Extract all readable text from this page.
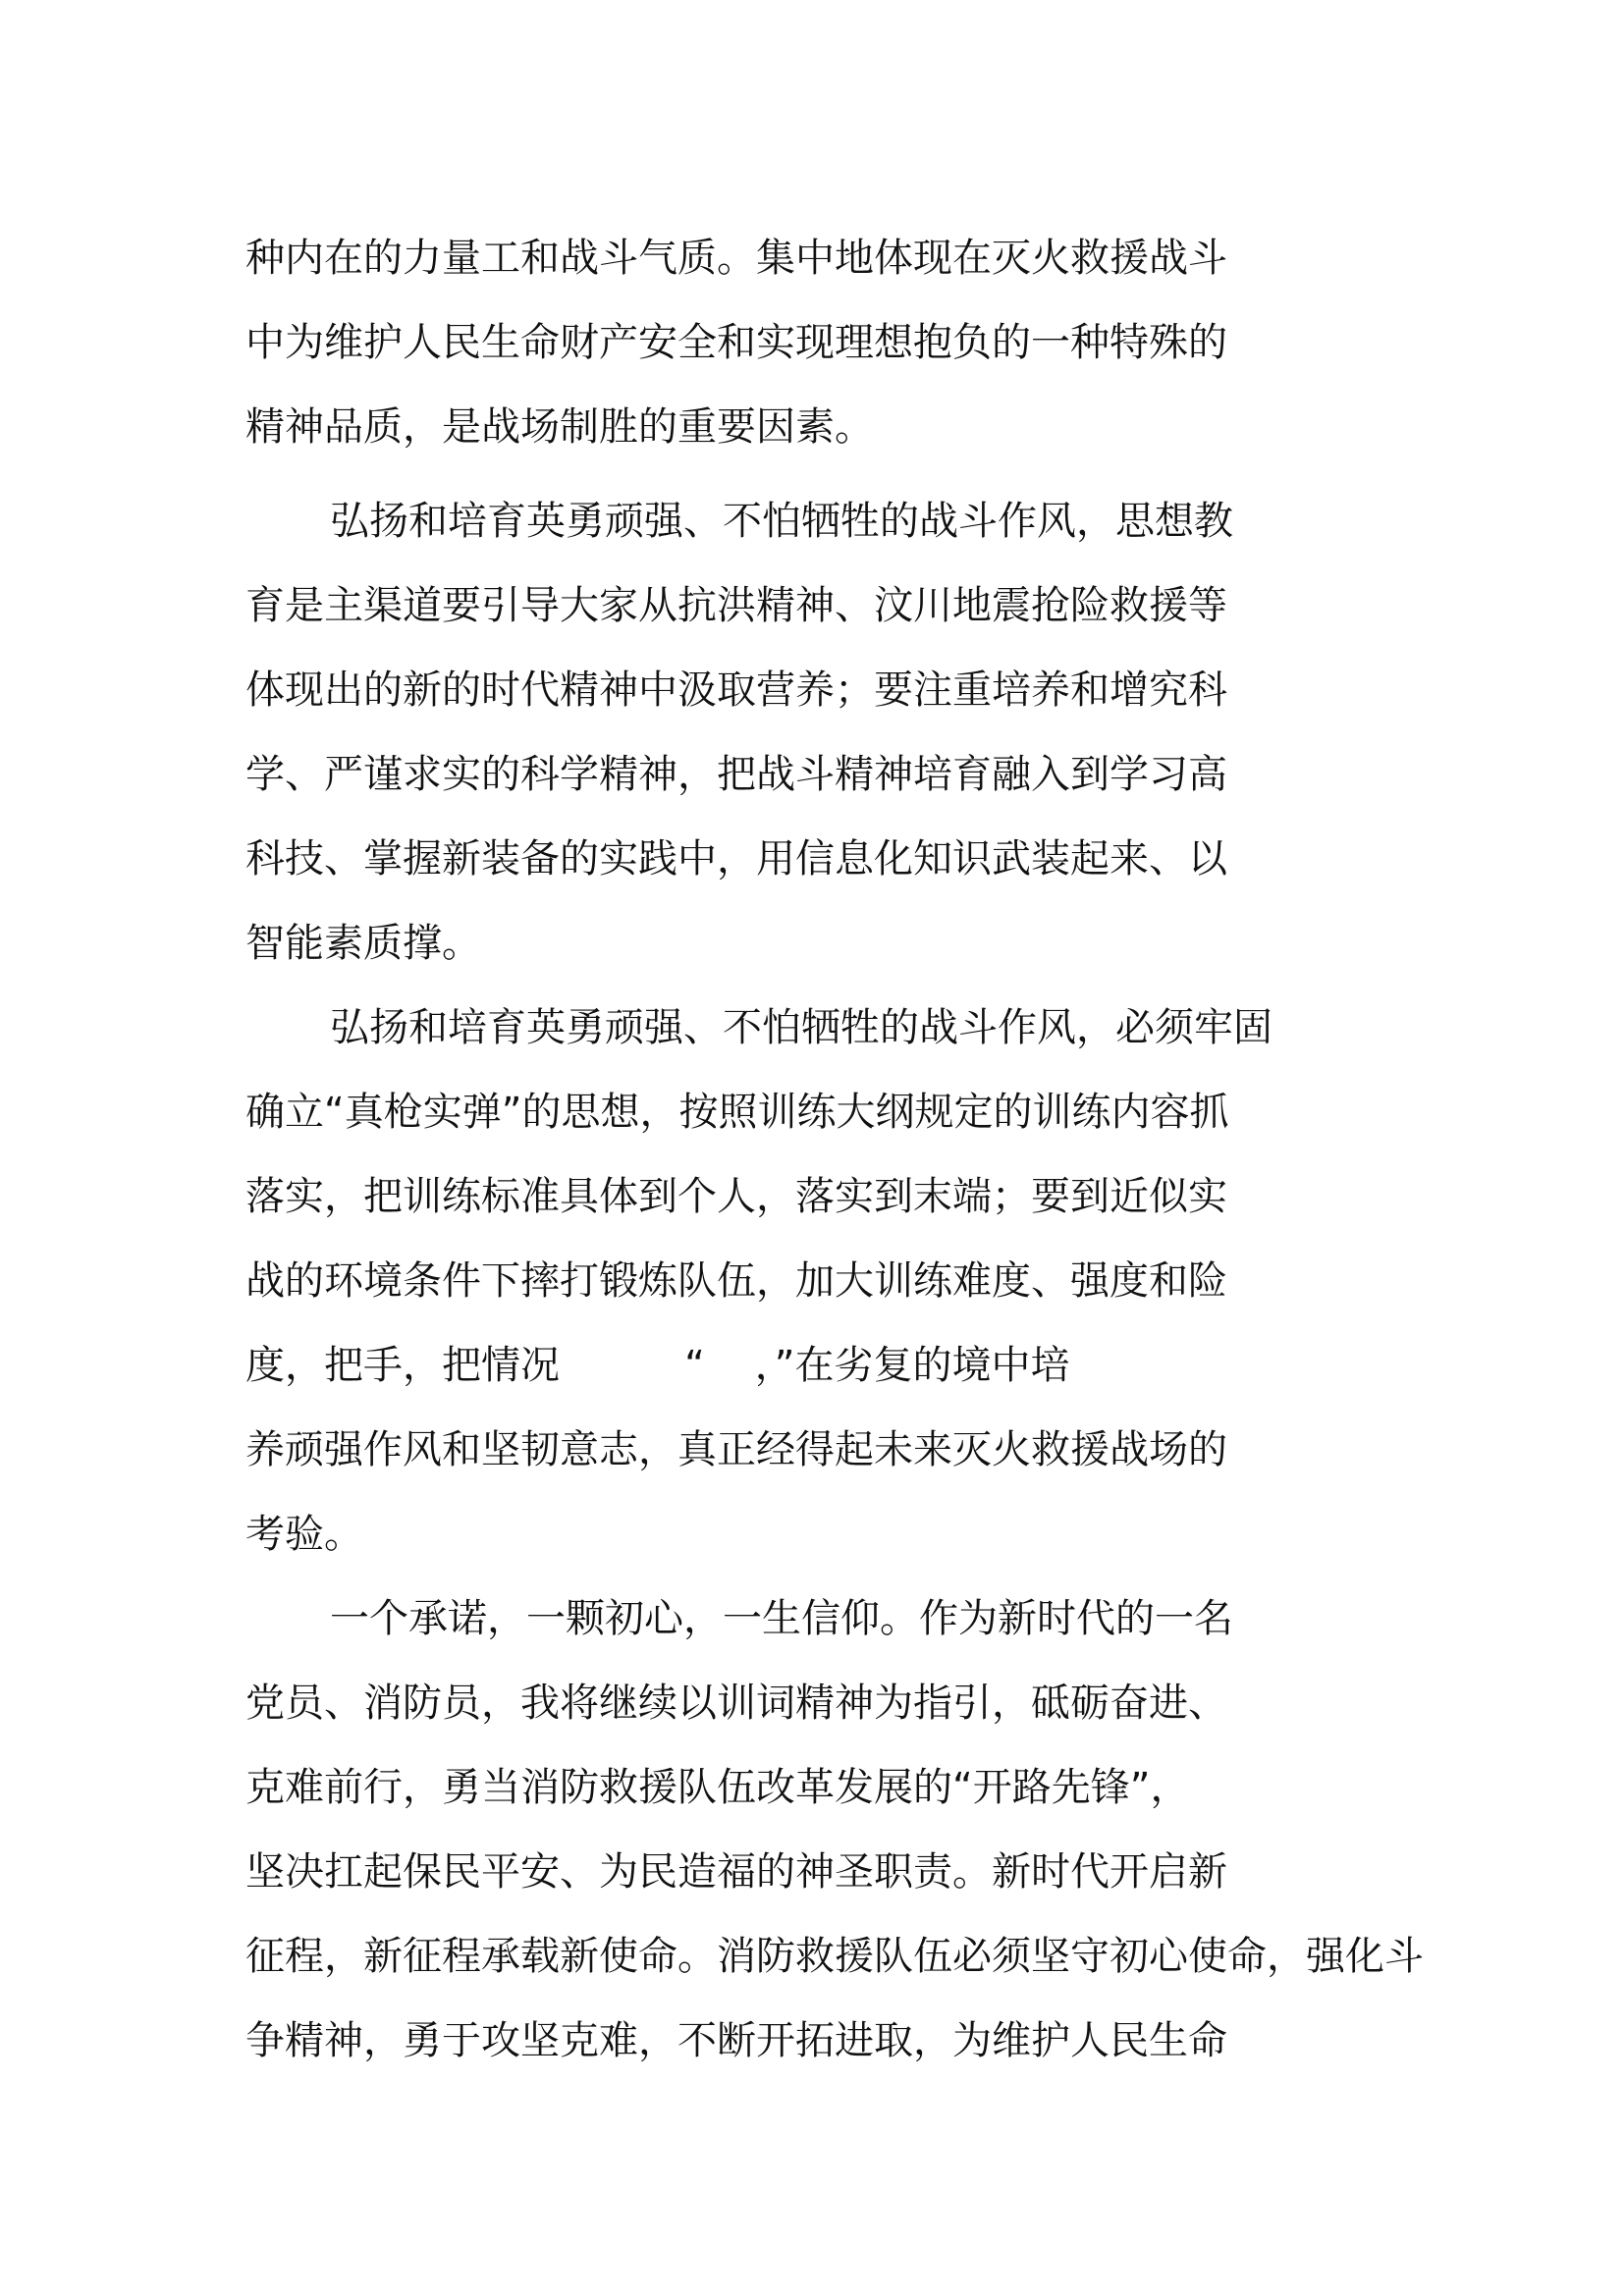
种内在的力量工和战斗气质。集中地体现在灭火救援战斗
中为维护人民生命财产安全和实现理想抱负的一种特殊的
精神品质，是战场制胜的重要因素。
弘扬和培育英勇顽强、不怕牺牲的战斗作风，思想教
育是主渠道要引导大家从抗洪精神、汶川地震抢险救援等
体现出的新的时代精神中汲取营养；要注重培养和增究科
学、严谨求实的科学精神，把战斗精神培育融入到学习高
科技、掌握新装备的实践中，用信息化知识武装起来、以
智能素质撑。
弘扬和培育英勇顽强、不怕牺牲的战斗作风，必须牢固
确立“真枪实弹”的思想，按照训练大纲规定的训练内容抓
落实，把训练标准具体到个人，落实到末端；要到近似实
战的环境条件下摔打锻炼队伍，加大训练难度、强度和险
度，把手，把情况          “    ，”在劣复的境中培
养顽强作风和坚韧意志，真正经得起未来灭火救援战场的
考验。
一个承诺，一颗初心，一生信仰。作为新时代的一名
党员、消防员，我将继续以训词精神为指引，砥砺奋进、
克难前行，勇当消防救援队伍改革发展的“开路先锋”，
坚决扛起保民平安、为民造福的神圣职责。新时代开启新
征程，新征程承载新使命。消防救援队伍必须坚守初心使命，强化斗
争精神，勇于攻坚克难，不断开拓进取，为维护人民生命
